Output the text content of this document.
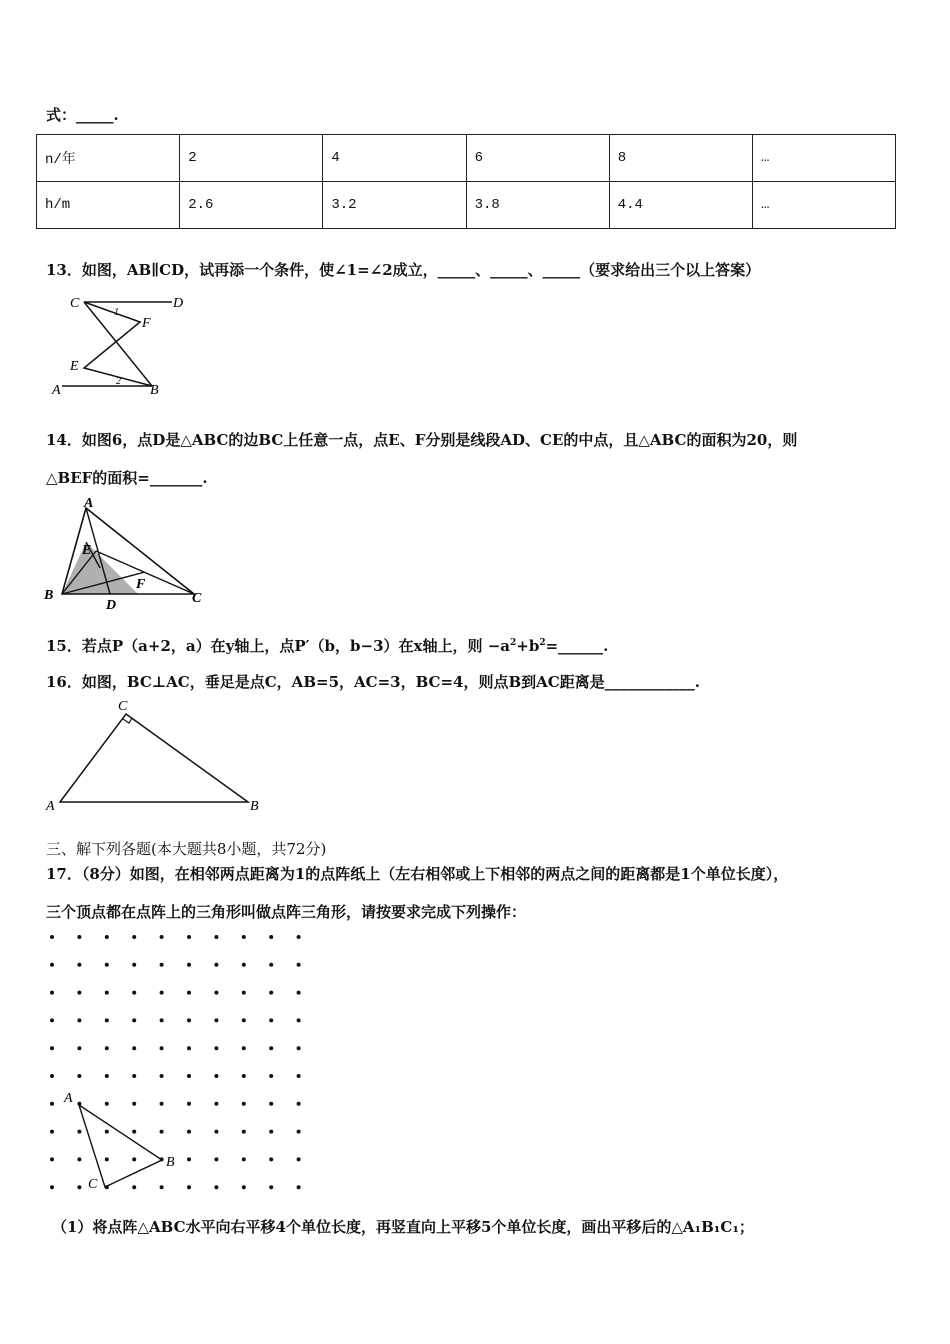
式：_____.
n/年	2	4	6	8	…
h/m	2.6	3.2	3.8	4.4	…
13．如图，AB∥CD，试再添一个条件，使∠1=∠2成立，_____、_____、_____（要求给出三个以上答案）
C	D
F
E
A	B
1
2
14．如图6，点D是△ABC的边BC上任意一点，点E、F分别是线段AD、CE的中点，且△ABC的面积为20，则
△BEF的面积=_______.
A
E
F
B
D	C
15．若点P（a+2，a）在y轴上，点P′（b，b−3）在x轴上，则 $-a^2+b^2=\_\_\_\_\_\_$.
16．如图，BC⊥AC，垂足是点C，AB=5，AC=3，BC=4，则点B到AC距离是____________.
C
A	B
三、解下列各题(本大题共8小题，共72分)
17．（8分）如图，在相邻两点距离为1的点阵纸上（左右相邻或上下相邻的两点之间的距离都是1个单位长度），
三个顶点都在点阵上的三角形叫做点阵三角形，请按要求完成下列操作：
A
B
C
（1）将点阵△ABC水平向右平移4个单位长度，再竖直向上平移5个单位长度，画出平移后的△A₁B₁C₁；
